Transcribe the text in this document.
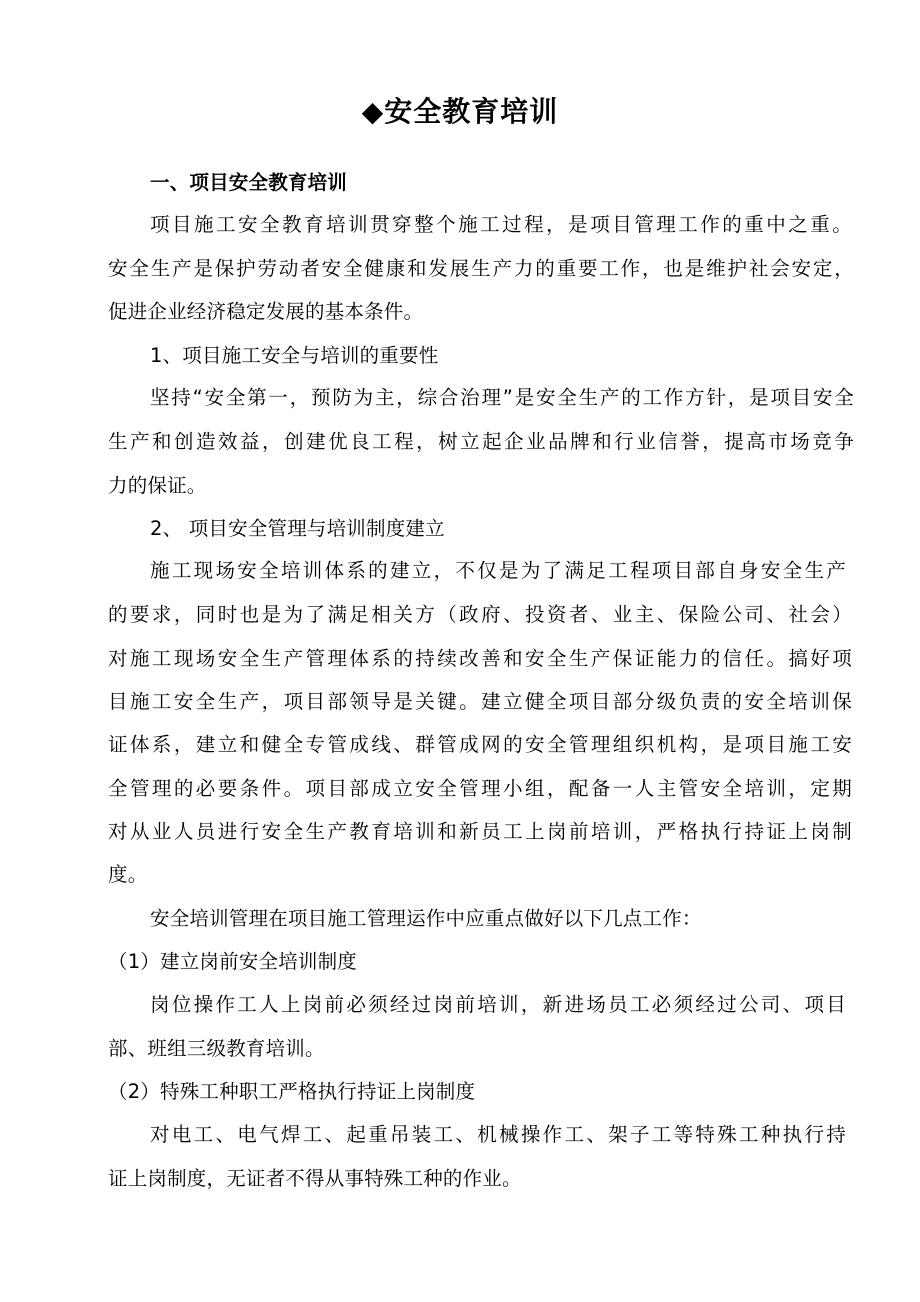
◆安全教育培训
一、项目安全教育培训
项目施工安全教育培训贯穿整个施工过程，是项目管理工作的重中之重。
安全生产是保护劳动者安全健康和发展生产力的重要工作，也是维护社会安定，
促进企业经济稳定发展的基本条件。
1、项目施工安全与培训的重要性
坚持“安全第一，预防为主，综合治理”是安全生产的工作方针，是项目安全
生产和创造效益，创建优良工程，树立起企业品牌和行业信誉，提高市场竞争
力的保证。
2、 项目安全管理与培训制度建立
施工现场安全培训体系的建立，不仅是为了满足工程项目部自身安全生产
的要求，同时也是为了满足相关方（政府、投资者、业主、保险公司、社会）
对施工现场安全生产管理体系的持续改善和安全生产保证能力的信任。搞好项
目施工安全生产，项目部领导是关键。建立健全项目部分级负责的安全培训保
证体系，建立和健全专管成线、群管成网的安全管理组织机构，是项目施工安
全管理的必要条件。项目部成立安全管理小组，配备一人主管安全培训，定期
对从业人员进行安全生产教育培训和新员工上岗前培训，严格执行持证上岗制
度。
安全培训管理在项目施工管理运作中应重点做好以下几点工作：
（1）建立岗前安全培训制度
岗位操作工人上岗前必须经过岗前培训，新进场员工必须经过公司、项目
部、班组三级教育培训。
（2）特殊工种职工严格执行持证上岗制度
对电工、电气焊工、起重吊装工、机械操作工、架子工等特殊工种执行持
证上岗制度，无证者不得从事特殊工种的作业。
